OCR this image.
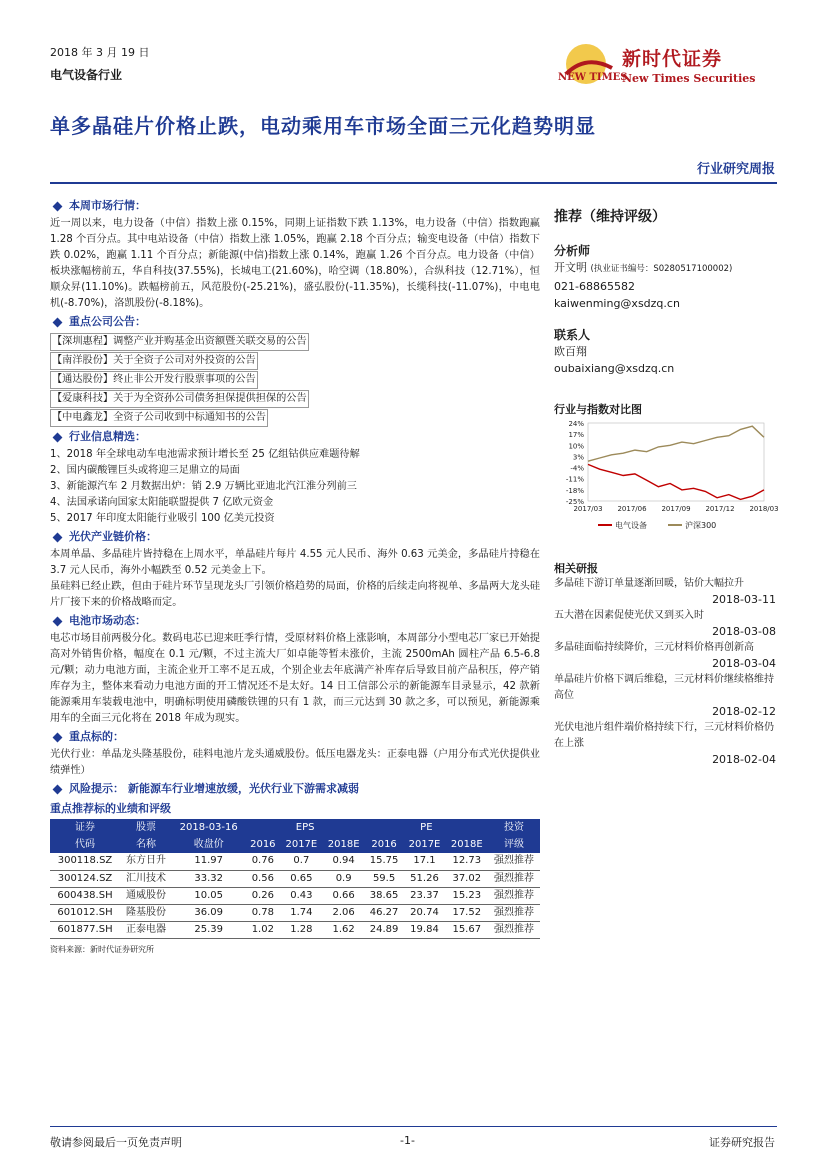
2018 年 3 月 19 日
电气设备行业	NEW TIMES
新时代证券
New Times Securities
单多晶硅片价格止跌，电动乘用车市场全面三元化趋势明显
行业研究周报
本周市场行情：
近一周以来，电力设备（中信）指数上涨 0.15%，同期上证指数下跌 1.13%，电力设备（中信）指数跑赢 1.28 个百分点。其中电站设备（中信）指数上涨 1.05%，跑赢 2.18 个百分点；输变电设备（中信）指数下跌 0.02%，跑赢 1.11 个百分点；新能源(中信)指数上涨 0.14%，跑赢 1.26 个百分点。电力设备（中信）板块涨幅榜前五，华自科技(37.55%)，长城电工(21.60%)，哈空调（18.80%），合纵科技（12.71%），恒顺众昇(11.10%)。跌幅榜前五，风范股份(-25.21%)，盛弘股份(-11.35%)，长缆科技(-11.07%)，中电电机(-8.70%)，洛凯股份(-8.18%)。
重点公司公告：
【深圳惠程】调整产业并购基金出资额暨关联交易的公告
【南洋股份】关于全资子公司对外投资的公告
【通达股份】终止非公开发行股票事项的公告
【爱康科技】关于为全资孙公司债务担保提供担保的公告
【中电鑫龙】全资子公司收到中标通知书的公告
行业信息精选：
1、2018 年全球电动车电池需求预计增长至 25 亿组钴供应难题待解
2、国内碳酸锂巨头或将迎三足鼎立的局面
3、新能源汽车 2 月数据出炉：销 2.9 万辆比亚迪北汽江淮分列前三
4、法国承诺向国家太阳能联盟提供 7 亿欧元资金
5、2017 年印度太阳能行业吸引 100 亿美元投资
光伏产业链价格：
本周单晶、多晶硅片皆持稳在上周水平，单晶硅片每片 4.55 元人民币、海外 0.63 元美金，多晶硅片持稳在 3.7 元人民币，海外小幅跌至 0.52 元美金上下。
虽硅料已经止跌，但由于硅片环节呈现龙头厂引领价格趋势的局面，价格的后续走向将视单、多晶两大龙头硅片厂接下来的价格战略而定。
电池市场动态：
电芯市场目前两极分化。数码电芯已迎来旺季行情，受原材料价格上涨影响，本周部分小型电芯厂家已开始提高对外销售价格，幅度在 0.1 元/颗，不过主流大厂如卓能等暂未涨价，主流 2500mAh 圆柱产品 6.5-6.8 元/颗；动力电池方面，主流企业开工率不足五成，个别企业去年底满产补库存后导致目前产品积压，停产销库存为主，整体来看动力电池方面的开工情况还不是太好。14 日工信部公示的新能源车目录显示，42 款新能源乘用车装载电池中，明确标明使用磷酸铁锂的只有 1 款，而三元达到 30 款之多，可以预见，新能源乘用车的全面三元化将在 2018 年成为现实。
重点标的：
光伏行业：单晶龙头隆基股份，硅料电池片龙头通威股份。低压电器龙头：正泰电器（户用分布式光伏提供业绩弹性）
风险提示： 新能源车行业增速放缓，光伏行业下游需求减弱
重点推荐标的业绩和评级
证券	股票	2018-03-16	EPS			PE			投资
代码	名称	收盘价	2016	2017E	2018E	2016	2017E	2018E	评级
300118.SZ	东方日升	11.97	0.76	0.7	0.94	15.75	17.1	12.73	强烈推荐
300124.SZ	汇川技术	33.32	0.56	0.65	0.9	59.5	51.26	37.02	强烈推荐
600438.SH	通威股份	10.05	0.26	0.43	0.66	38.65	23.37	15.23	强烈推荐
601012.SH	隆基股份	36.09	0.78	1.74	2.06	46.27	20.74	17.52	强烈推荐
601877.SH	正泰电器	25.39	1.02	1.28	1.62	24.89	19.84	15.67	强烈推荐
资料来源：新时代证券研究所
推荐（维持评级）
分析师
开文明 (执业证书编号：S0280517100002)
021-68865582
kaiwenming@xsdzq.cn
联系人
欧百翔
oubaixiang@xsdzq.cn
行业与指数对比图
24%
17%
10%
3%
-4%
-11%
-18%
-25%
2017/03 2017/06 2017/09 2017/12 2018/03
电气设备	沪深300
相关研报
多晶硅下游订单量逐渐回暖，钴价大幅拉升
2018-03-11
五大潜在因素促使光伏又到买入时
2018-03-08
多晶硅面临持续降价，三元材料价格再创新高
2018-03-04
单晶硅片价格下调后维稳，三元材料价继续格维持高位
2018-02-12
光伏电池片组件端价格持续下行，三元材料价格仍在上涨
2018-02-04
敬请参阅最后一页免责声明	-1-	证券研究报告
